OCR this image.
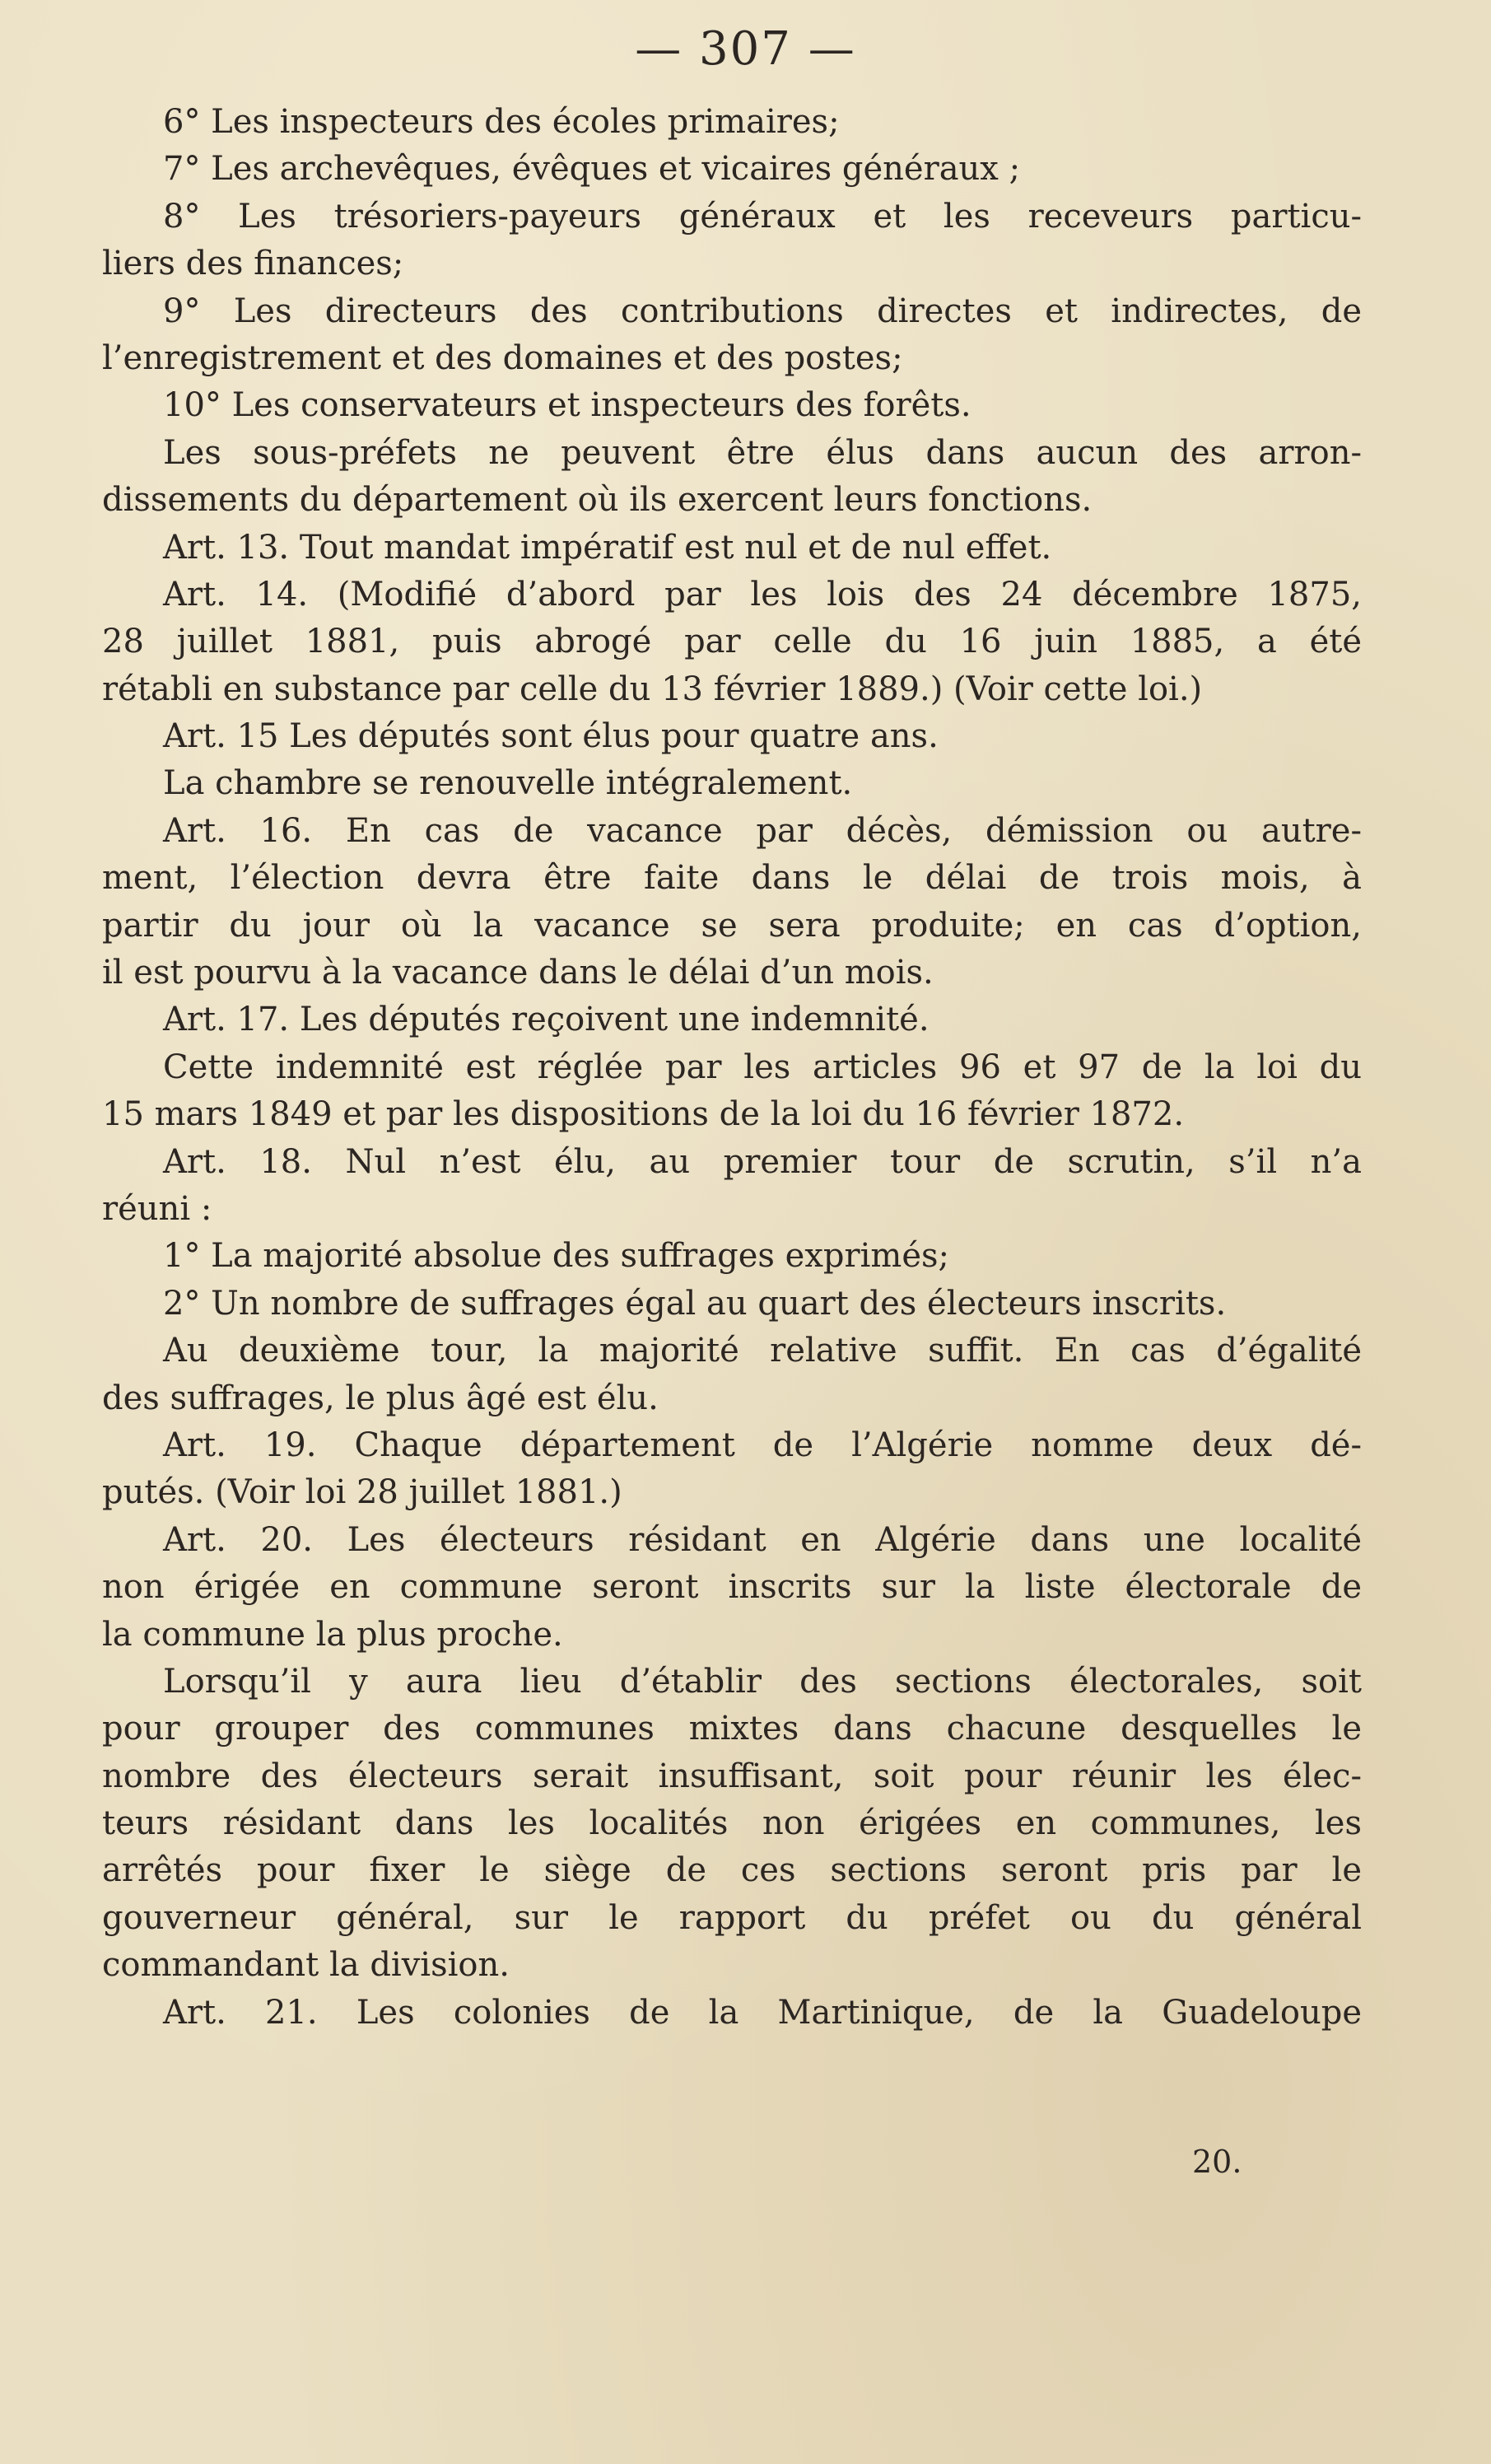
— 307 —
6° Les inspecteurs des écoles primaires;
7° Les archevêques, évêques et vicaires généraux ;
8° Les trésoriers-payeurs généraux et les receveurs particu-
liers des finances;
9° Les directeurs des contributions directes et indirectes, de
l’enregistrement et des domaines et des postes;
10° Les conservateurs et inspecteurs des forêts.
Les sous-préfets ne peuvent être élus dans aucun des arron-
dissements du département où ils exercent leurs fonctions.
Art. 13. Tout mandat impératif est nul et de nul effet.
Art. 14. (Modifié d’abord par les lois des 24 décembre 1875,
28 juillet 1881, puis abrogé par celle du 16 juin 1885, a été
rétabli en substance par celle du 13 février 1889.) (Voir cette loi.)
Art. 15 Les députés sont élus pour quatre ans.
La chambre se renouvelle intégralement.
Art. 16. En cas de vacance par décès, démission ou autre-
ment, l’élection devra être faite dans le délai de trois mois, à
partir du jour où la vacance se sera produite; en cas d’option,
il est pourvu à la vacance dans le délai d’un mois.
Art. 17. Les députés reçoivent une indemnité.
Cette indemnité est réglée par les articles 96 et 97 de la loi du
15 mars 1849 et par les dispositions de la loi du 16 février 1872.
Art. 18. Nul n’est élu, au premier tour de scrutin, s’il n’a
réuni :
1° La majorité absolue des suffrages exprimés;
2° Un nombre de suffrages égal au quart des électeurs inscrits.
Au deuxième tour, la majorité relative suffit. En cas d’égalité
des suffrages, le plus âgé est élu.
Art. 19. Chaque département de l’Algérie nomme deux dé-
putés. (Voir loi 28 juillet 1881.)
Art. 20. Les électeurs résidant en Algérie dans une localité
non érigée en commune seront inscrits sur la liste électorale de
la commune la plus proche.
Lorsqu’il y aura lieu d’établir des sections électorales, soit
pour grouper des communes mixtes dans chacune desquelles le
nombre des électeurs serait insuffisant, soit pour réunir les élec-
teurs résidant dans les localités non érigées en communes, les
arrêtés pour fixer le siège de ces sections seront pris par le
gouverneur général, sur le rapport du préfet ou du général
commandant la division.
Art. 21. Les colonies de la Martinique, de la Guadeloupe
20.
